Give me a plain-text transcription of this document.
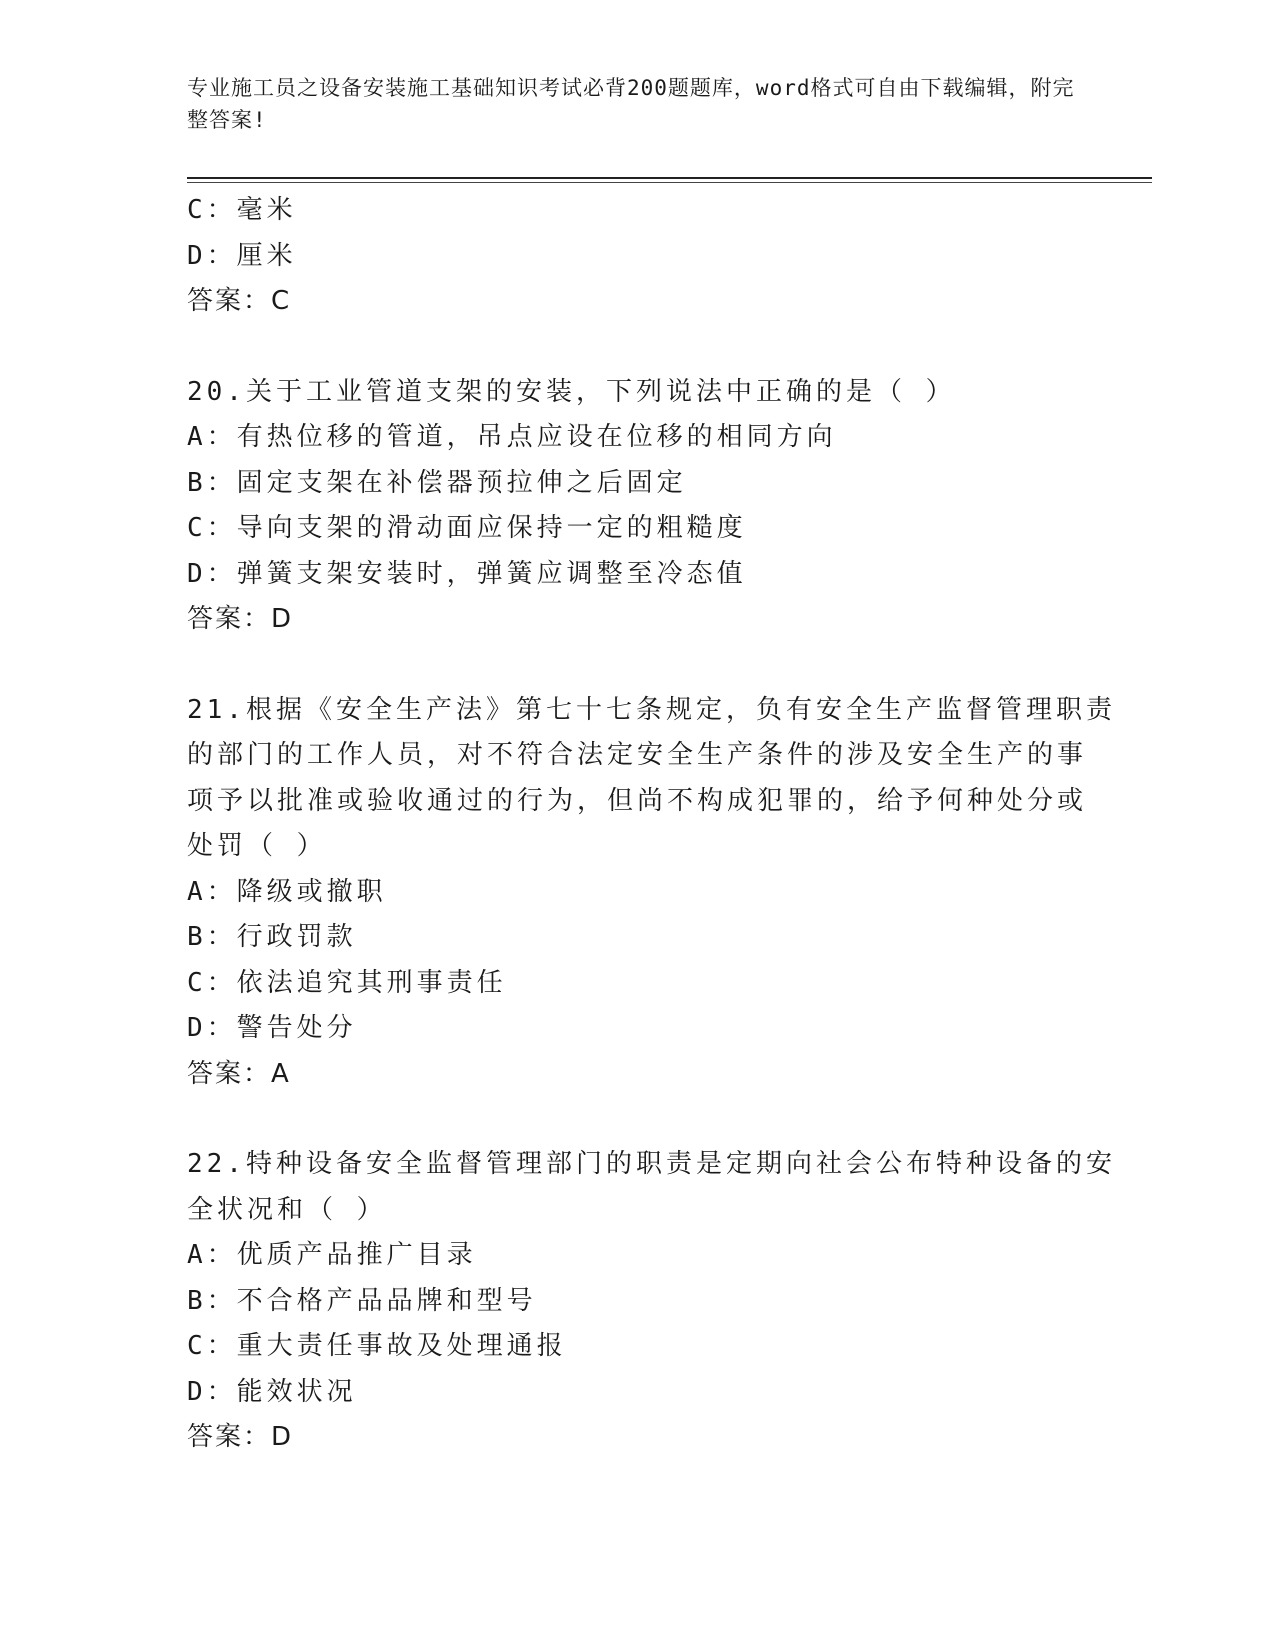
专业施工员之设备安装施工基础知识考试必背200题题库，word格式可自由下载编辑，附完整答案!
C：毫米
D：厘米
答案：C
20.关于工业管道支架的安装，下列说法中正确的是（ ）
A：有热位移的管道，吊点应设在位移的相同方向
B：固定支架在补偿器预拉伸之后固定
C：导向支架的滑动面应保持一定的粗糙度
D：弹簧支架安装时，弹簧应调整至冷态值
答案：D
21.根据《安全生产法》第七十七条规定，负有安全生产监督管理职责
的部门的工作人员，对不符合法定安全生产条件的涉及安全生产的事
项予以批准或验收通过的行为，但尚不构成犯罪的，给予何种处分或
处罚（ ）
A：降级或撤职
B：行政罚款
C：依法追究其刑事责任
D：警告处分
答案：A
22.特种设备安全监督管理部门的职责是定期向社会公布特种设备的安
全状况和（ ）
A：优质产品推广目录
B：不合格产品品牌和型号
C：重大责任事故及处理通报
D：能效状况
答案：D
